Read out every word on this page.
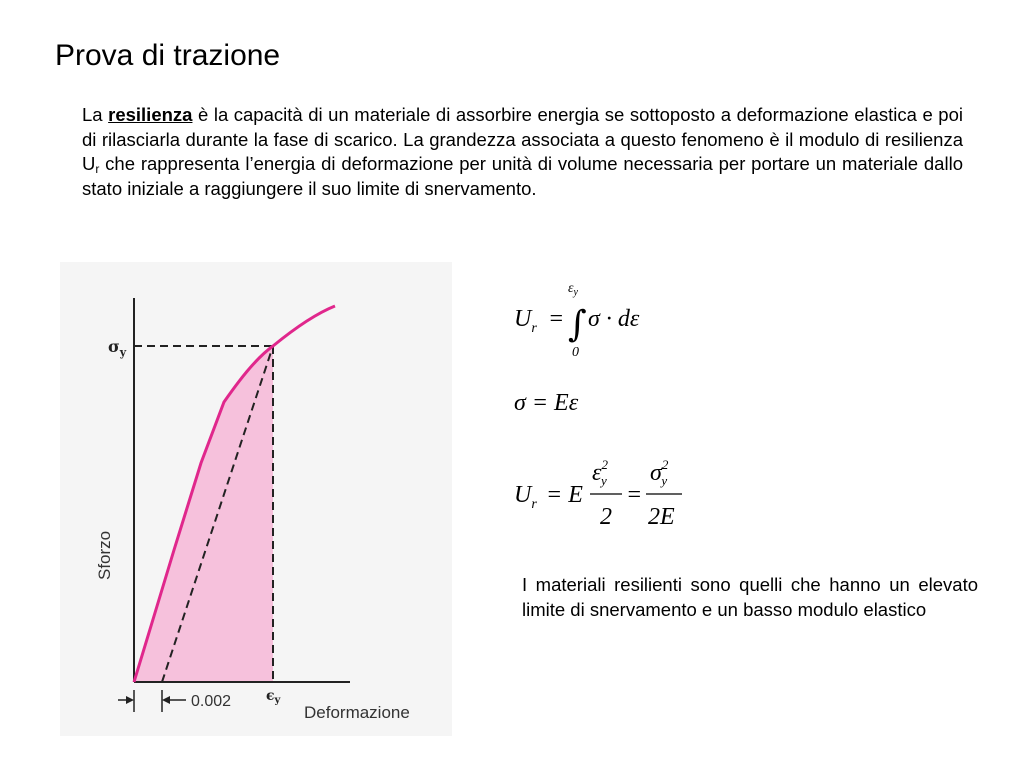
Prova di trazione
La resilienza è la capacità di un materiale di assorbire energia se sottoposto a deformazione elastica e poi di rilasciarla durante la fase di scarico. La grandezza associata a questo fenomeno è il modulo di resilienza $U_r$ che rappresenta l’energia di deformazione per unità di volume necessaria per portare un materiale dallo stato iniziale a raggiungere il suo limite di snervamento.
$\sigma_y$
Sforzo
0.002 $\epsilon_y$
Deformazione
$\varepsilon_y$
$U_r$ = ∫ σ · dε
0
σ = Eε
$U_r = E$
$\varepsilon^2$ y
2
=
$\sigma^2$ y
2E
I materiali resilienti sono quelli che hanno un elevato limite di snervamento e un basso modulo elastico
